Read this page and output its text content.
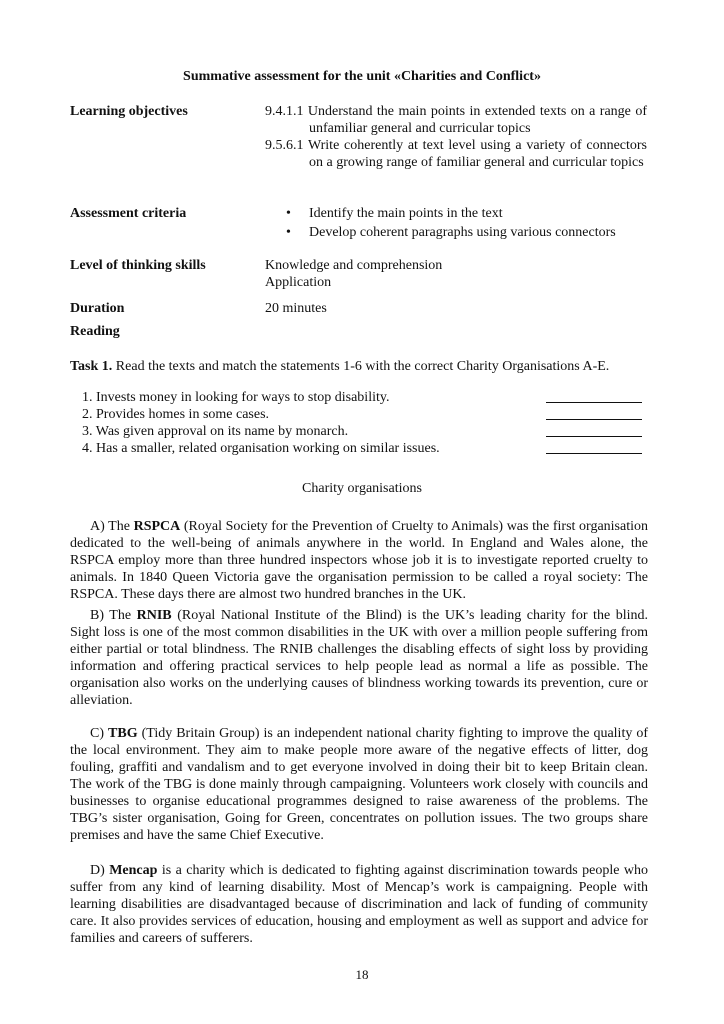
Summative assessment for the unit «Charities and Conflict»
Learning objectives	9.4.1.1 Understand the main points in extended texts on a range of unfamiliar general and curricular topics

9.5.6.1 Write coherently at text level using a variety of connectors on a growing range of familiar general and curricular topics

Assessment criteria
•	Identify the main points in the text
• Develop coherent paragraphs using various connectors
Level of thinking skills	Knowledge and comprehension
Application
Duration	20 minutes
Reading
Task 1. Read the texts and match the statements 1-6 with the correct Charity Organisations A-E.
1. Invests money in looking for ways to stop disability.
2. Provides homes in some cases.
3. Was given approval on its name by monarch.
4. Has a smaller, related organisation working on similar issues.
Charity organisations

A) The RSPCA (Royal Society for the Prevention of Cruelty to Animals) was the first organisation dedicated to the well-being of animals anywhere in the world. In England and Wales alone, the RSPCA employ more than three hundred inspectors whose job it is to investigate reported cruelty to animals. In 1840 Queen Victoria gave the organisation permission to be called a royal society: The RSPCA. These days there are almost two hundred branches in the UK.

B) The RNIB (Royal National Institute of the Blind) is the UK’s leading charity for the blind. Sight loss is one of the most common disabilities in the UK with over a million people suffering from either partial or total blindness. The RNIB challenges the disabling effects of sight loss by providing information and offering practical services to help people lead as normal a life as possible. The organisation also works on the underlying causes of blindness working towards its prevention, cure or alleviation.

C) TBG (Tidy Britain Group) is an independent national charity fighting to improve the quality of the local environment. They aim to make people more aware of the negative effects of litter, dog fouling, graffiti and vandalism and to get everyone involved in doing their bit to keep Britain clean. The work of the TBG is done mainly through campaigning. Volunteers work closely with councils and businesses to organise educational programmes designed to raise awareness of the problems. The TBG’s sister organisation, Going for Green, concentrates on pollution issues. The two groups share premises and have the same Chief Executive.

D) Mencap is a charity which is dedicated to fighting against discrimination towards people who suffer from any kind of learning disability. Most of Mencap’s work is campaigning. People with learning disabilities are disadvantaged because of discrimination and lack of funding of community care. It also provides services of education, housing and employment as well as support and advice for families and careers of sufferers.

18
